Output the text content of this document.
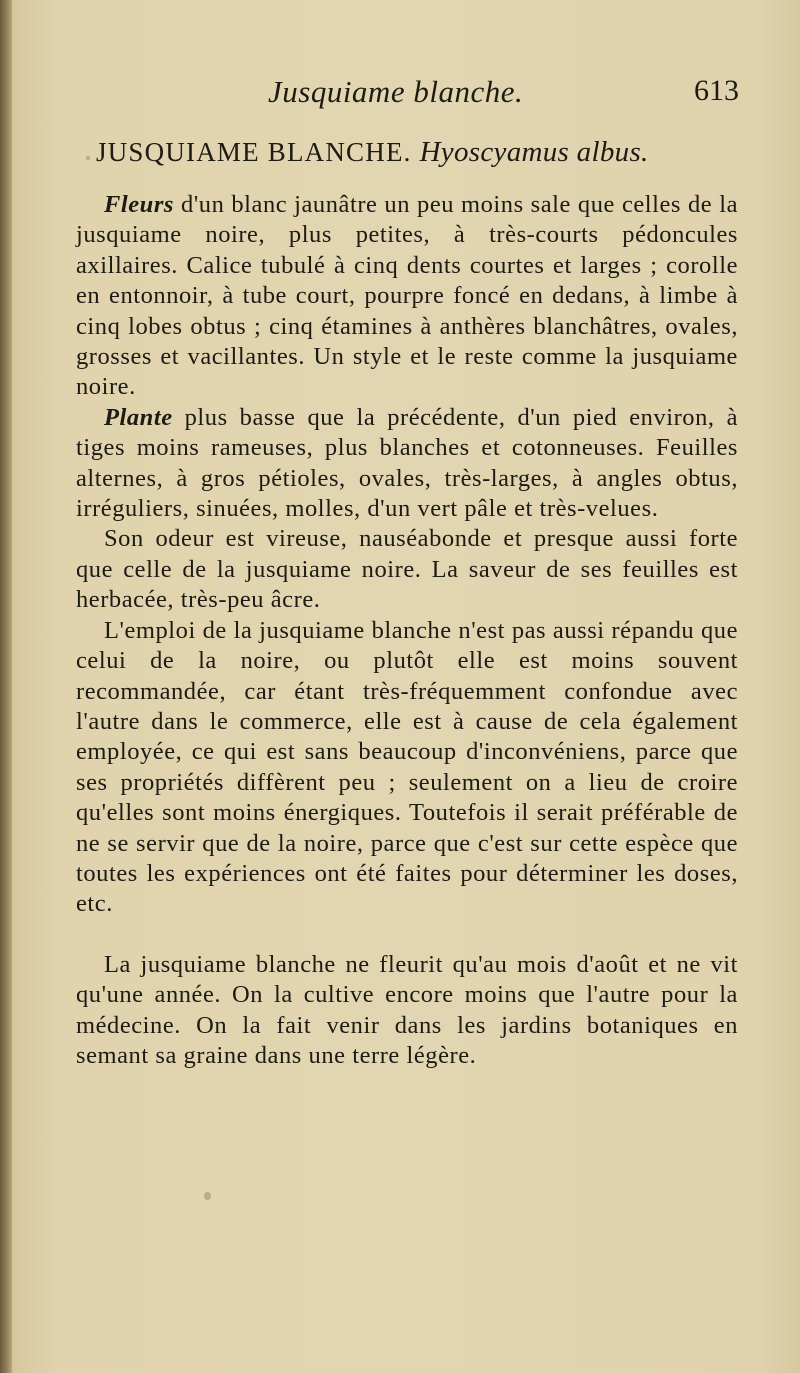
Jusquiame blanche.	613
JUSQUIAME BLANCHE. Hyoscyamus albus.

Fleurs d'un blanc jaunâtre un peu moins sale que celles de la jusquiame noire, plus petites, à très-courts pédoncules axillaires. Calice tubulé à cinq dents courtes et larges ; corolle en entonnoir, à tube court, pourpre foncé en dedans, à limbe à cinq lobes obtus ; cinq étamines à anthères blanchâtres, ovales, grosses et vacillantes. Un style et le reste comme la jusquiame noire.

Plante plus basse que la précédente, d'un pied environ, à tiges moins rameuses, plus blanches et cotonneuses. Feuilles alternes, à gros pétioles, ovales, très-larges, à angles obtus, irréguliers, sinuées, molles, d'un vert pâle et très-velues.

Son odeur est vireuse, nauséabonde et presque aussi forte que celle de la jusquiame noire. La saveur de ses feuilles est herbacée, très-peu âcre.

L'emploi de la jusquiame blanche n'est pas aussi répandu que celui de la noire, ou plutôt elle est moins souvent recommandée, car étant très-fréquemment confondue avec l'autre dans le commerce, elle est à cause de cela également employée, ce qui est sans beaucoup d'inconvéniens, parce que ses propriétés diffèrent peu ; seulement on a lieu de croire qu'elles sont moins énergiques. Toutefois il serait préférable de ne se servir que de la noire, parce que c'est sur cette espèce que toutes les expériences ont été faites pour déterminer les doses, etc.

La jusquiame blanche ne fleurit qu'au mois d'août et ne vit qu'une année. On la cultive encore moins que l'autre pour la médecine. On la fait venir dans les jardins botaniques en semant sa graine dans une terre légère.
